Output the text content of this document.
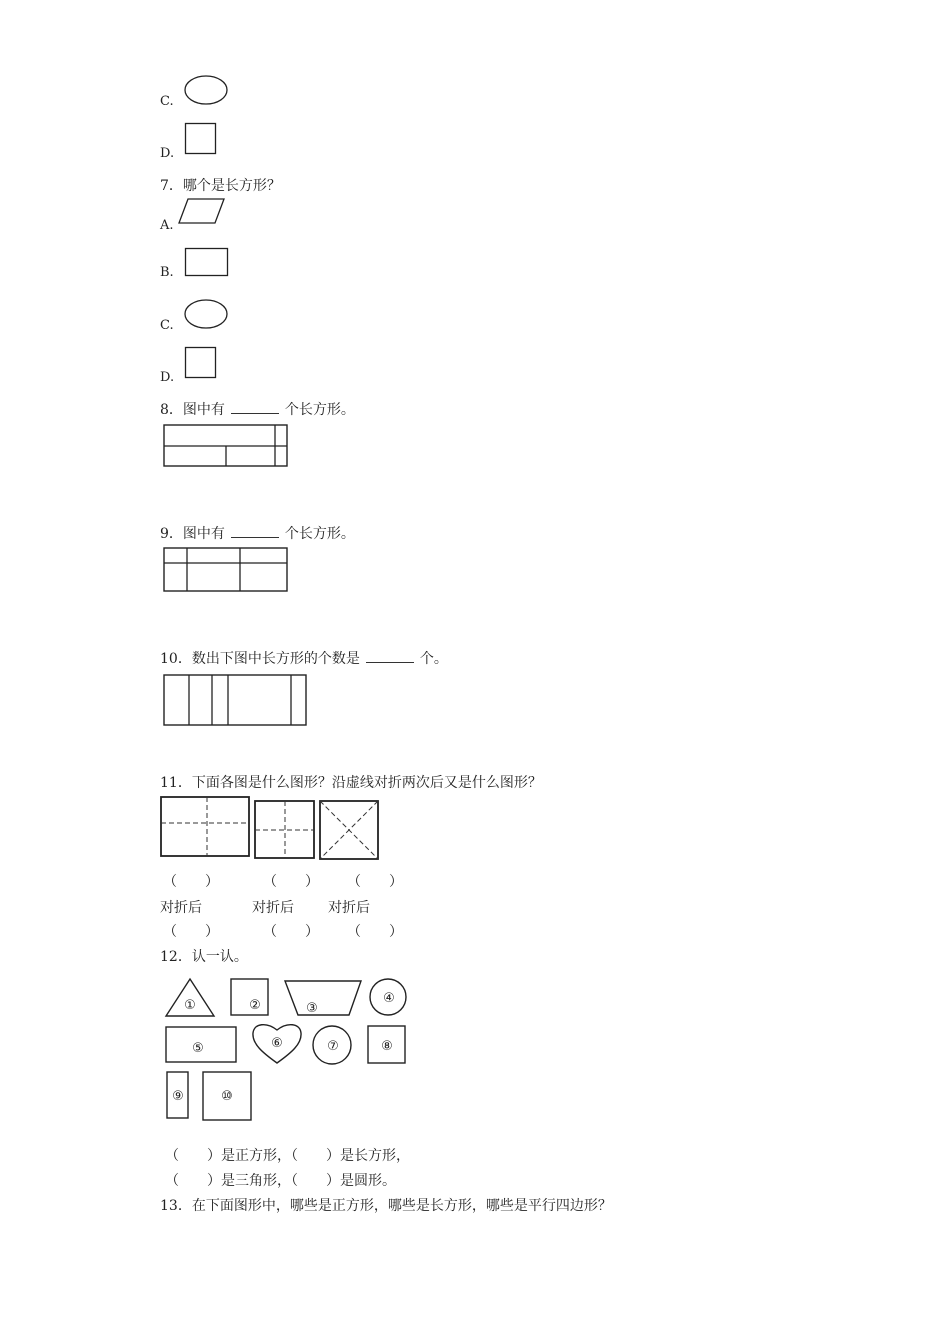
C.
D.
7．哪个是长方形？
A.
B.
C.
D.
8．图中有	个长方形。
9．图中有	个长方形。
10．数出下图中长方形的个数是	个。
11．下面各图是什么图形？沿虚线对折两次后又是什么图形？
（　　）	（　　） （　　）
对折后	对折后 对折后
（　　）	（　　） （　　）
12．认一认。
①	②	③
④
⑤	⑥	⑦	⑧
⑨	⑩
（　　）是正方形，（　　）是长方形，
（　　）是三角形，（　　）是圆形。
13．在下面图形中，哪些是正方形，哪些是长方形，哪些是平行四边形？
